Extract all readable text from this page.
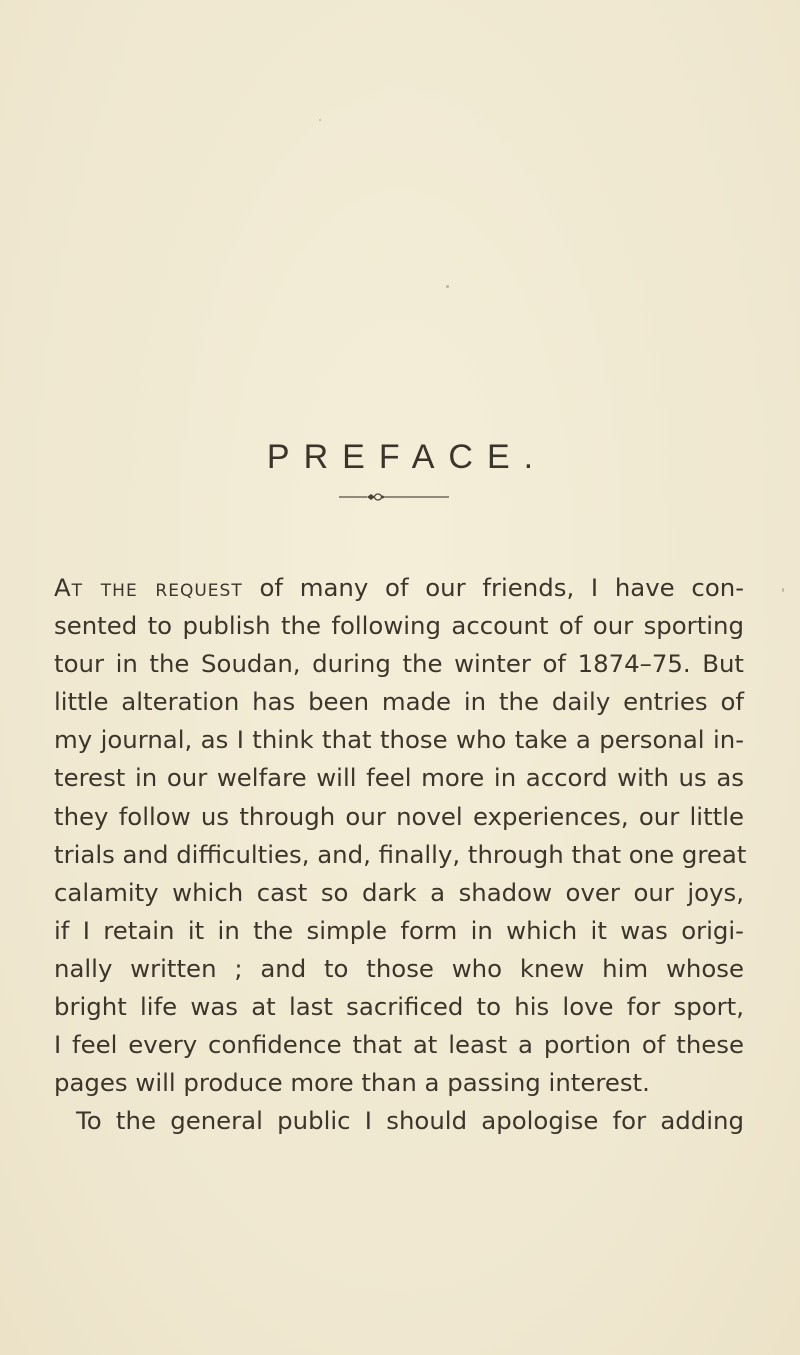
PREFACE.
At the request of many of our friends, I have con-
sented to publish the following account of our sporting
tour in the Soudan, during the winter of 1874–75. But
little alteration has been made in the daily entries of
my journal, as I think that those who take a personal in-
terest in our welfare will feel more in accord with us as
they follow us through our novel experiences, our little
trials and difficulties, and, finally, through that one great
calamity which cast so dark a shadow over our joys,
if I retain it in the simple form in which it was origi-
nally written ; and to those who knew him whose
bright life was at last sacrificed to his love for sport,
I feel every confidence that at least a portion of these
pages will produce more than a passing interest.
To the general public I should apologise for adding
